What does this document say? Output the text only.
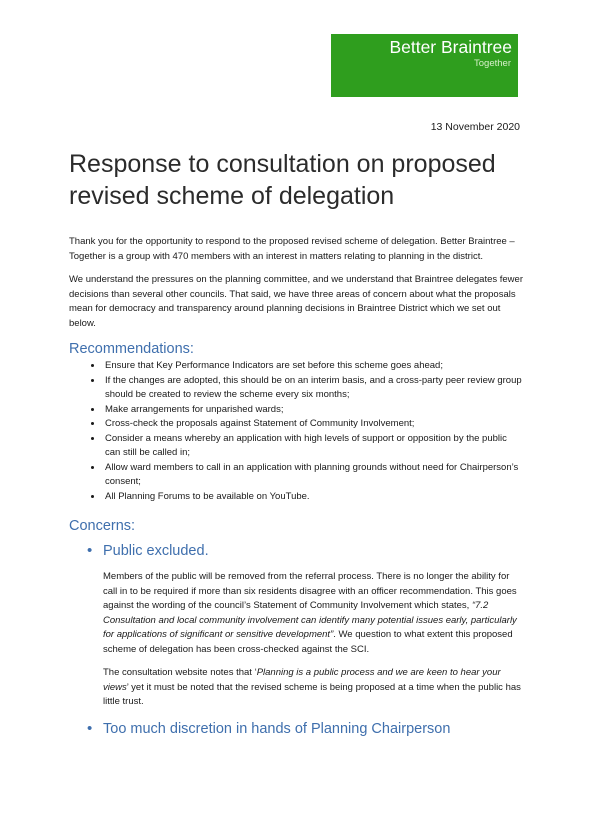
Better Braintree
Together
13 November 2020
Response to consultation on proposed revised scheme of delegation

Thank you for the opportunity to respond to the proposed revised scheme of delegation. Better Braintree – Together is a group with 470 members with an interest in matters relating to planning in the district.

We understand the pressures on the planning committee, and we understand that Braintree delegates fewer decisions than several other councils. That said, we have three areas of concern about what the proposals mean for democracy and transparency around planning decisions in Braintree District which we set out below.

Recommendations:
• Ensure that Key Performance Indicators are set before this scheme goes ahead;
• If the changes are adopted, this should be on an interim basis, and a cross-party peer review group should be created to review the scheme every six months;
• Make arrangements for unparished wards;
• Cross-check the proposals against Statement of Community Involvement;
• Consider a means whereby an application with high levels of support or opposition by the public can still be called in;
• Allow ward members to call in an application with planning grounds without need for Chairperson’s consent;
• All Planning Forums to be available on YouTube.
Concerns:
• Public excluded.

Members of the public will be removed from the referral process. There is no longer the ability for call in to be required if more than six residents disagree with an officer recommendation. This goes against the wording of the council’s Statement of Community Involvement which states, “7.2 Consultation and local community involvement can identify many potential issues early, particularly for applications of significant or sensitive development”. We question to what extent this proposed scheme of delegation has been cross-checked against the SCI.

The consultation website notes that ‘Planning is a public process and we are keen to hear your views’ yet it must be noted that the revised scheme is being proposed at a time when the public has little trust.

• Too much discretion in hands of Planning Chairperson
